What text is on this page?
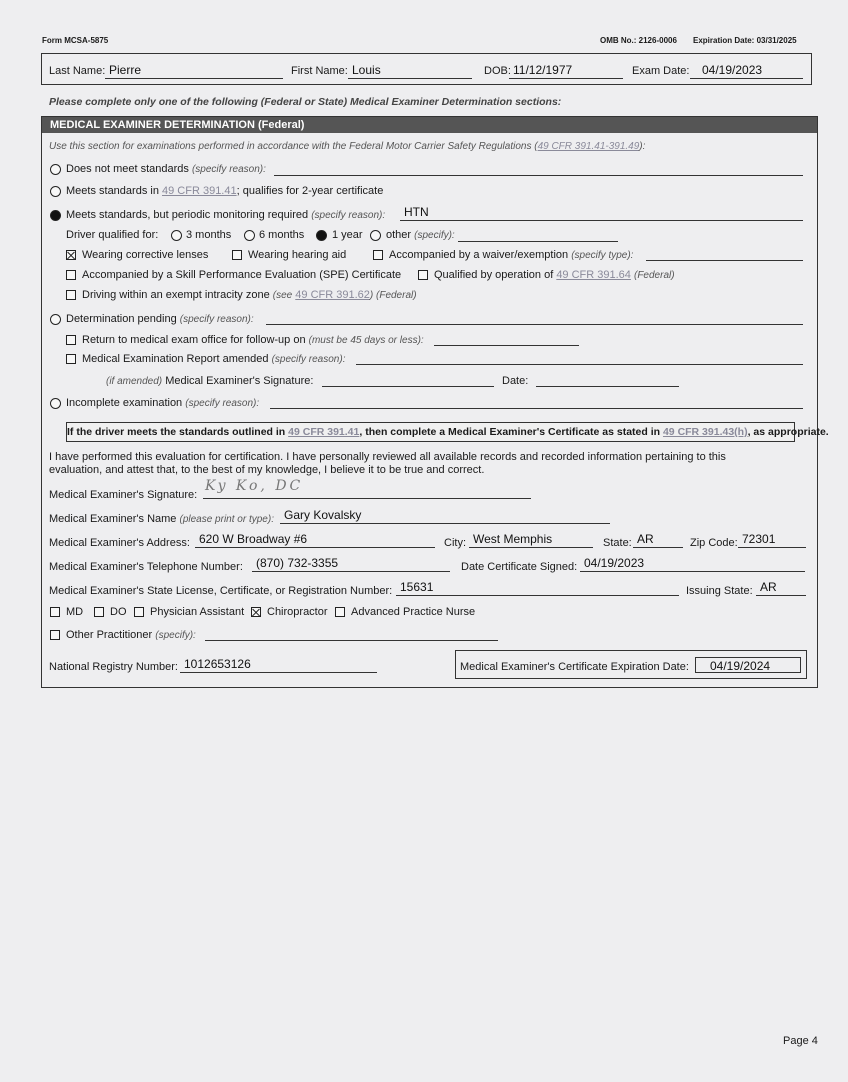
Form MCSA-5875	OMB No.: 2126-0006 Expiration Date: 03/31/2025
Last Name: Pierre	First Name: Louis	DOB: 11/12/1977	Exam Date: 04/19/2023
Please complete only one of the following (Federal or State) Medical Examiner Determination sections:
MEDICAL EXAMINER DETERMINATION (Federal)
Use this section for examinations performed in accordance with the Federal Motor Carrier Safety Regulations (49 CFR 391.41-391.49):
Does not meet standards (specify reason):
Meets standards in 49 CFR 391.41; qualifies for 2-year certificate
Meets standards, but periodic monitoring required (specify reason): HTN
Driver qualified for:	3 months	6 months	1 year other (specify):
Wearing corrective lenses	Wearing hearing aid	Accompanied by a waiver/exemption (specify type):
Accompanied by a Skill Performance Evaluation (SPE) Certificate	Qualified by operation of 49 CFR 391.64 (Federal)
Driving within an exempt intracity zone (see 49 CFR 391.62) (Federal)
Determination pending (specify reason):
Return to medical exam office for follow-up on (must be 45 days or less):
Medical Examination Report amended (specify reason):
(if amended) Medical Examiner's Signature:	Date:
Incomplete examination (specify reason):
If the driver meets the standards outlined in 49 CFR 391.41, then complete a Medical Examiner's Certificate as stated in 49 CFR 391.43(h), as appropriate.
I have performed this evaluation for certification. I have personally reviewed all available records and recorded information pertaining to this evaluation, and attest that, to the best of my knowledge, I believe it to be true and correct.
Medical Examiner's Signature:
Ky Ko, DC
Medical Examiner's Name (please print or type): Gary Kovalsky
Medical Examiner's Address: 620 W Broadway #6	City: West Memphis	State: AR	Zip Code: 72301
Medical Examiner's Telephone Number: (870) 732-3355	Date Certificate Signed: 04/19/2023
Medical Examiner's State License, Certificate, or Registration Number: 15631	Issuing State: AR
MD DO Physician Assistant Chiropractor Advanced Practice Nurse
Other Practitioner (specify):
National Registry Number: 1012653126	Medical Examiner's Certificate Expiration Date: 04/19/2024
Page 4
